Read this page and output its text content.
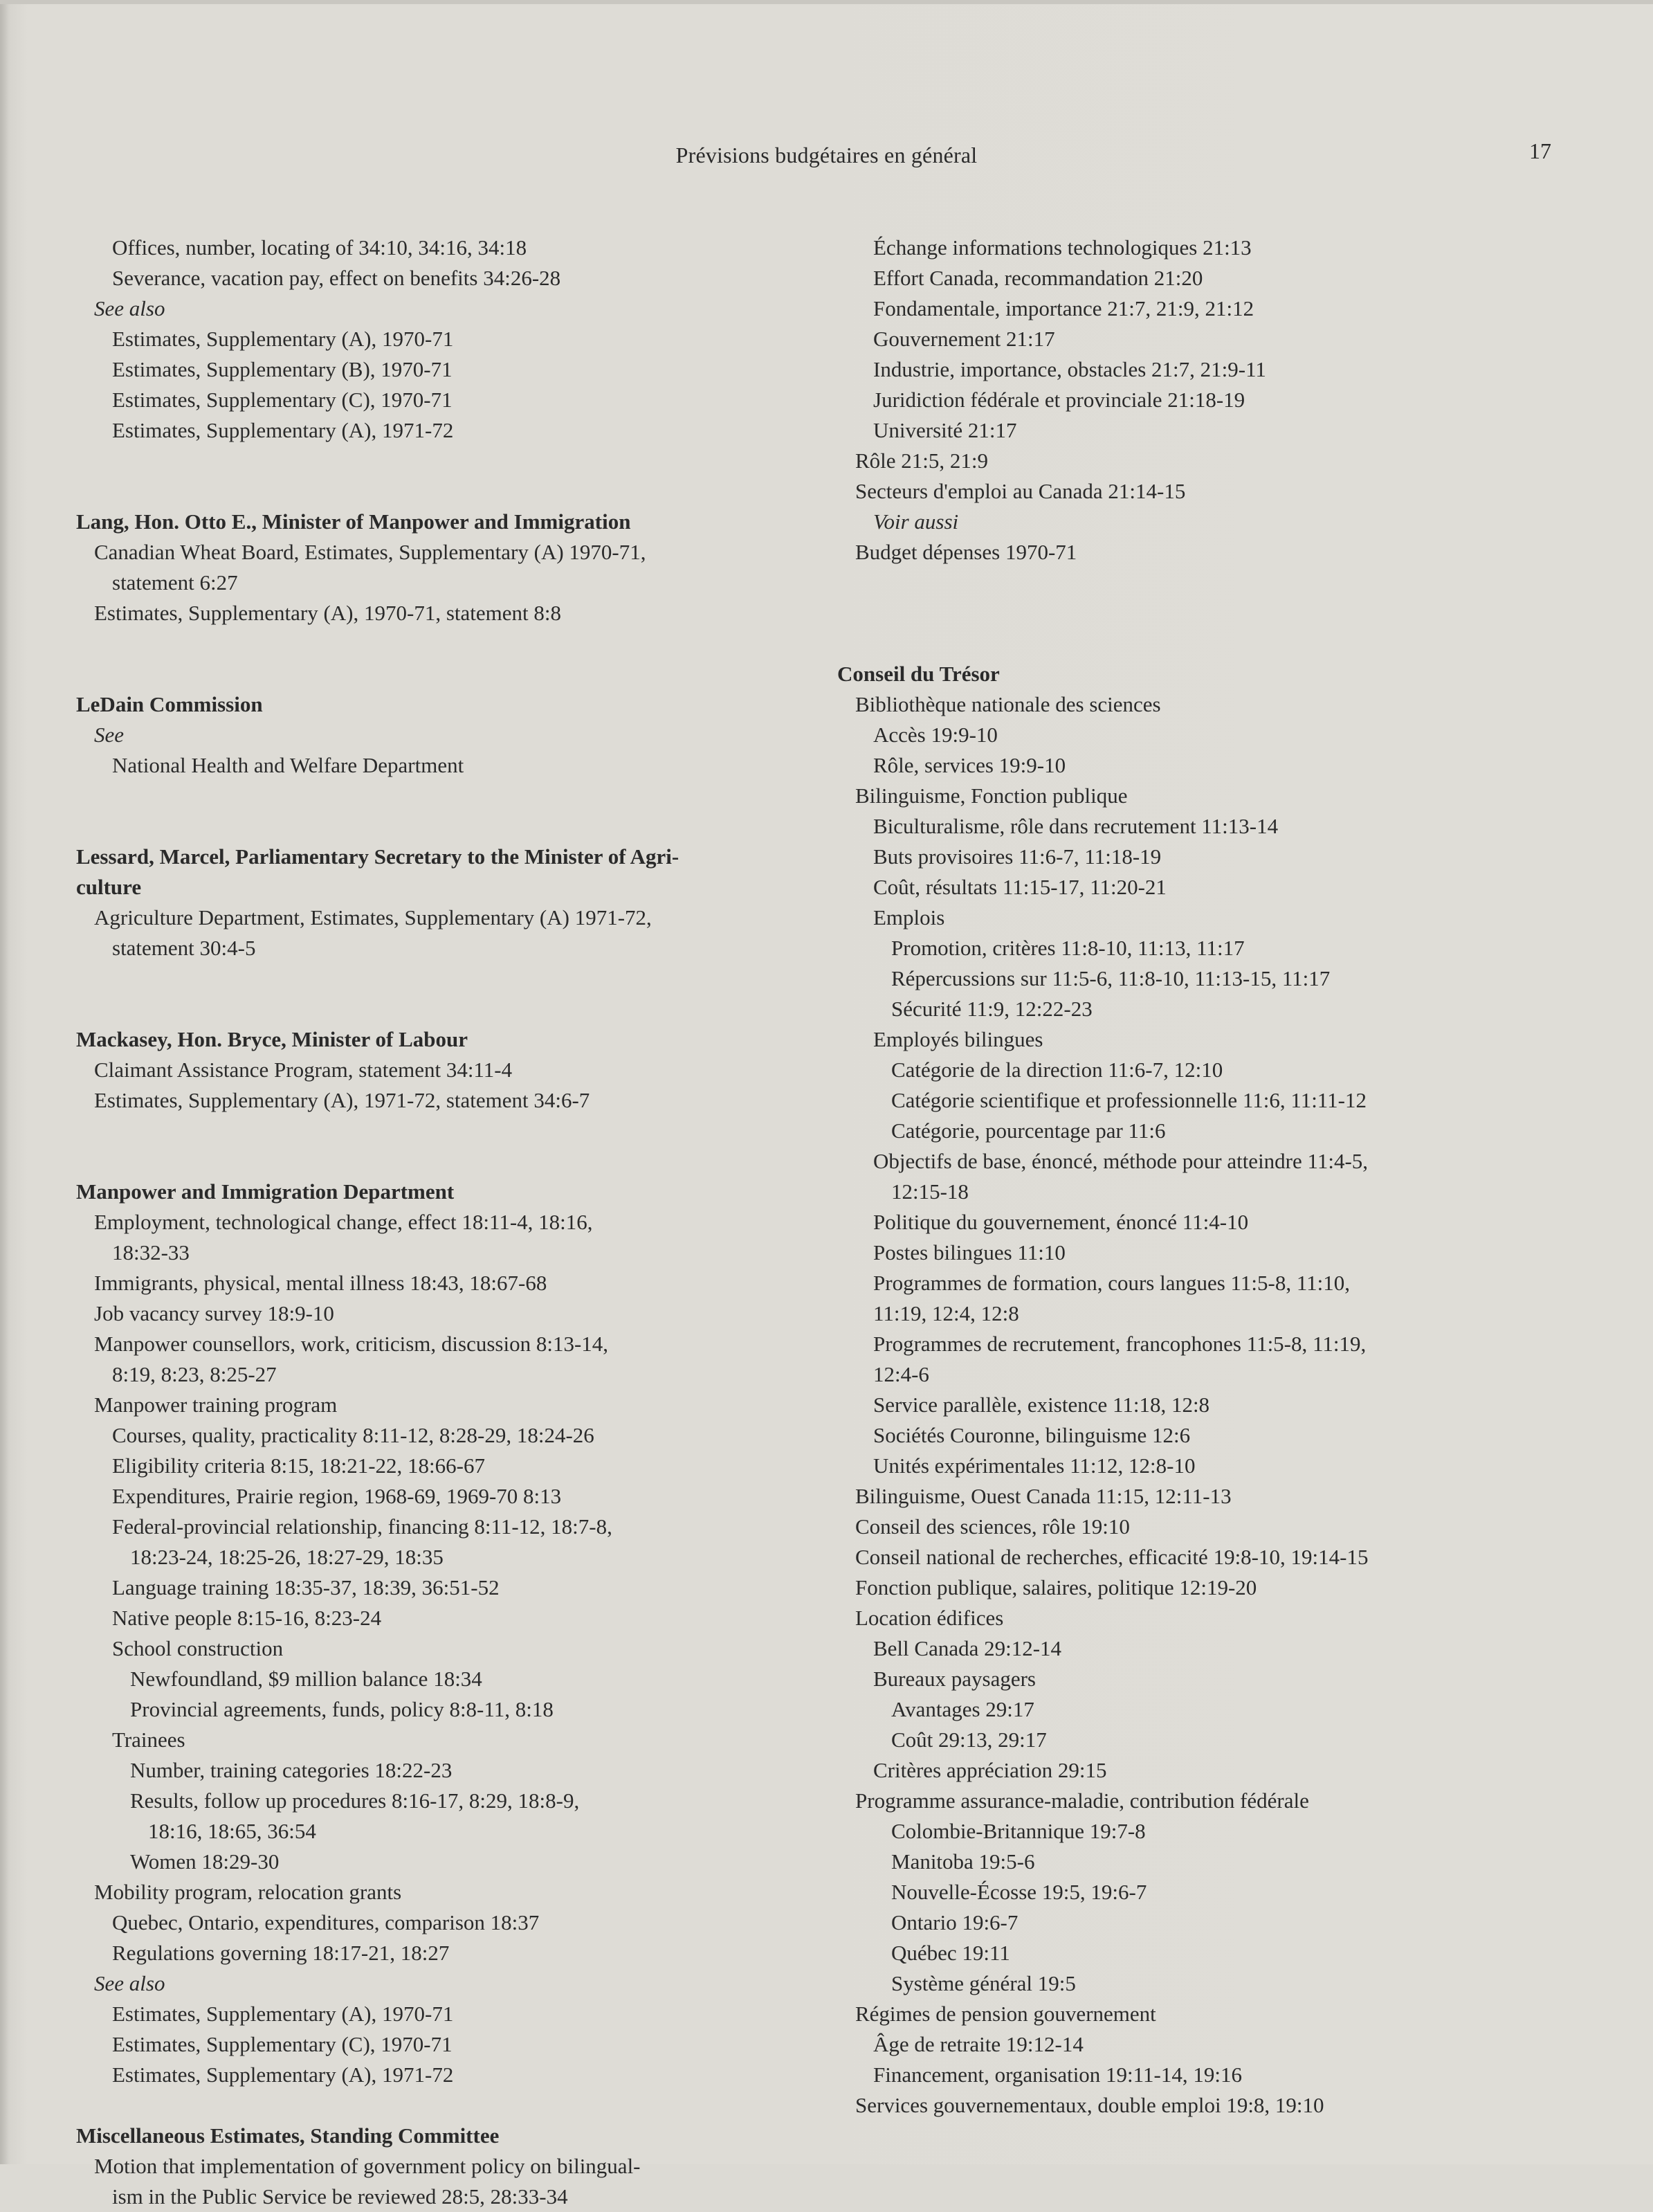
Prévisions budgétaires en général	17
Offices, number, locating of 34:10, 34:16, 34:18
Severance, vacation pay, effect on benefits 34:26-28
See also
Estimates, Supplementary (A), 1970-71
Estimates, Supplementary (B), 1970-71
Estimates, Supplementary (C), 1970-71
Estimates, Supplementary (A), 1971-72
Lang, Hon. Otto E., Minister of Manpower and Immigration
Canadian Wheat Board, Estimates, Supplementary (A) 1970-71,
statement 6:27
Estimates, Supplementary (A), 1970-71, statement 8:8
LeDain Commission
See
National Health and Welfare Department
Lessard, Marcel, Parliamentary Secretary to the Minister of Agri-
culture
Agriculture Department, Estimates, Supplementary (A) 1971-72,
statement 30:4-5
Mackasey, Hon. Bryce, Minister of Labour
Claimant Assistance Program, statement 34:11-4
Estimates, Supplementary (A), 1971-72, statement 34:6-7
Manpower and Immigration Department
Employment, technological change, effect 18:11-4, 18:16,
18:32-33
Immigrants, physical, mental illness 18:43, 18:67-68
Job vacancy survey 18:9-10
Manpower counsellors, work, criticism, discussion 8:13-14,
8:19, 8:23, 8:25-27
Manpower training program
Courses, quality, practicality 8:11-12, 8:28-29, 18:24-26
Eligibility criteria 8:15, 18:21-22, 18:66-67
Expenditures, Prairie region, 1968-69, 1969-70 8:13
Federal-provincial relationship, financing 8:11-12, 18:7-8,
18:23-24, 18:25-26, 18:27-29, 18:35
Language training 18:35-37, 18:39, 36:51-52
Native people 8:15-16, 8:23-24
School construction
Newfoundland, $9 million balance 18:34
Provincial agreements, funds, policy 8:8-11, 8:18
Trainees
Number, training categories 18:22-23
Results, follow up procedures 8:16-17, 8:29, 18:8-9,
18:16, 18:65, 36:54
Women 18:29-30
Mobility program, relocation grants
Quebec, Ontario, expenditures, comparison 18:37
Regulations governing 18:17-21, 18:27
See also
Estimates, Supplementary (A), 1970-71
Estimates, Supplementary (C), 1970-71
Estimates, Supplementary (A), 1971-72
Miscellaneous Estimates, Standing Committee
Motion that implementation of government policy on bilingual-
ism in the Public Service be reviewed 28:5, 28:33-34
Échange informations technologiques 21:13
Effort Canada, recommandation 21:20
Fondamentale, importance 21:7, 21:9, 21:12
Gouvernement 21:17
Industrie, importance, obstacles 21:7, 21:9-11
Juridiction fédérale et provinciale 21:18-19
Université 21:17
Rôle 21:5, 21:9
Secteurs d'emploi au Canada 21:14-15
Voir aussi
Budget dépenses 1970-71
Conseil du Trésor
Bibliothèque nationale des sciences
Accès 19:9-10
Rôle, services 19:9-10
Bilinguisme, Fonction publique
Biculturalisme, rôle dans recrutement 11:13-14
Buts provisoires 11:6-7, 11:18-19
Coût, résultats 11:15-17, 11:20-21
Emplois
Promotion, critères 11:8-10, 11:13, 11:17
Répercussions sur 11:5-6, 11:8-10, 11:13-15, 11:17
Sécurité 11:9, 12:22-23
Employés bilingues
Catégorie de la direction 11:6-7, 12:10
Catégorie scientifique et professionnelle 11:6, 11:11-12
Catégorie, pourcentage par 11:6
Objectifs de base, énoncé, méthode pour atteindre 11:4-5,
12:15-18
Politique du gouvernement, énoncé 11:4-10
Postes bilingues 11:10
Programmes de formation, cours langues 11:5-8, 11:10,
11:19, 12:4, 12:8
Programmes de recrutement, francophones 11:5-8, 11:19,
12:4-6
Service parallèle, existence 11:18, 12:8
Sociétés Couronne, bilinguisme 12:6
Unités expérimentales 11:12, 12:8-10
Bilinguisme, Ouest Canada 11:15, 12:11-13
Conseil des sciences, rôle 19:10
Conseil national de recherches, efficacité 19:8-10, 19:14-15
Fonction publique, salaires, politique 12:19-20
Location édifices
Bell Canada 29:12-14
Bureaux paysagers
Avantages 29:17
Coût 29:13, 29:17
Critères appréciation 29:15
Programme assurance-maladie, contribution fédérale
Colombie-Britannique 19:7-8
Manitoba 19:5-6
Nouvelle-Écosse 19:5, 19:6-7
Ontario 19:6-7
Québec 19:11
Système général 19:5
Régimes de pension gouvernement
Âge de retraite 19:12-14
Financement, organisation 19:11-14, 19:16
Services gouvernementaux, double emploi 19:8, 19:10
